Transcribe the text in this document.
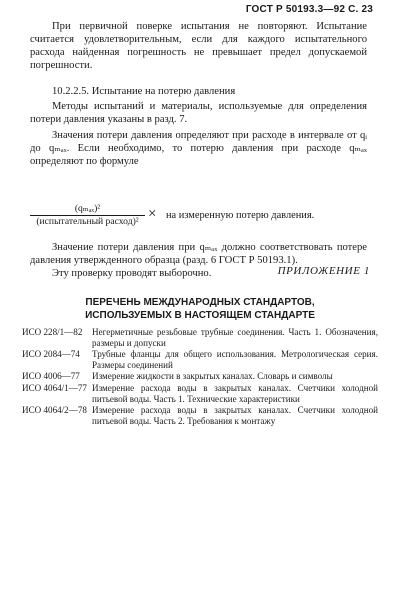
ГОСТ Р 50193.3—92 С. 23

При первичной поверке испытания не повторяют. Испытание считается удовлетворительным, если для каждого испытательного расхода найденная погрешность не превышает предел допускаемой погрешности.

10.2.2.5. Испытание на потерю давления

Методы испытаний и материалы, используемые для определения потери давления указаны в разд. 7.

Значения потери давления определяют при расходе в интервале от qᵢ до qₘₐₓ. Если необходимо, то потерю давления при расходе qₘₐₓ определяют по формуле

(qₘₐₓ)²
(испытательный расход)² × на измеренную потерю давления.

Значение потери давления при qₘₐₓ должно соответствовать потере давления утвержденного образца (разд. 6 ГОСТ Р 50193.1).

Эту проверку проводят выборочно.	ПРИЛОЖЕНИЕ 1
ПЕРЕЧЕНЬ МЕЖДУНАРОДНЫХ СТАНДАРТОВ,
ИСПОЛЬЗУЕМЫХ В НАСТОЯЩЕМ СТАНДАРТЕ
ИСО 228/1—82	Негерметичные резьбовые трубные соединения. Часть 1. Обозначения, размеры и допуски
ИСО 2084—74	Трубные фланцы для общего использования. Метрологическая серия. Размеры соединений
ИСО 4006—77	Измерение жидкости в закрытых каналах. Словарь и символы
ИСО 4064/1—77 Измерение расхода воды в закрытых каналах. Счетчики холодной питьевой воды. Часть 1. Технические характеристики
ИСО 4064/2—78 Измерение расхода воды в закрытых каналах. Счетчики холодной питьевой воды. Часть 2. Требования к монтажу
